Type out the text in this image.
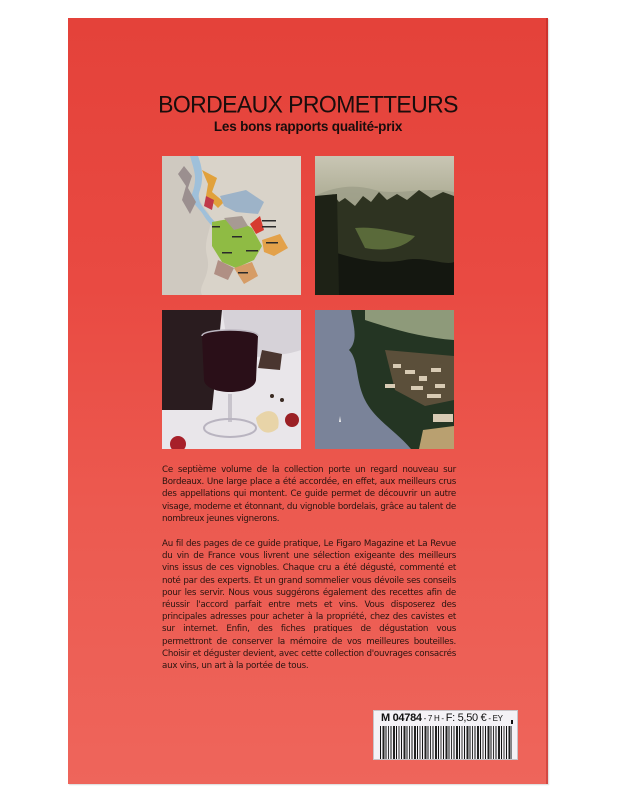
BORDEAUX PROMETTEURS
Les bons rapports qualité-prix

Ce septième volume de la collection porte un regard nouveau sur Bordeaux. Une large place a été accordée, en effet, aux meilleurs crus des appellations qui montent. Ce guide permet de découvrir un autre visage, moderne et étonnant, du vignoble bordelais, grâce au talent de nombreux jeunes vignerons.

Au fil des pages de ce guide pratique, Le Figaro Magazine et La Revue du vin de France vous livrent une sélection exigeante des meilleurs vins issus de ces vignobles. Chaque cru a été dégusté, commenté et noté par des experts. Et un grand sommelier vous dévoile ses conseils pour les servir. Nous vous suggérons également des recettes afin de réussir l'accord parfait entre mets et vins. Vous disposerez des principales adresses pour acheter à la propriété, chez des cavistes et sur internet. Enfin, des fiches pratiques de dégustation vous permettront de conserver la mémoire de vos meilleures bouteilles. Choisir et déguster devient, avec cette collection d'ouvrages consacrés aux vins, un art à la portée de tous.

M 04784 - 7 H - F: 5,50 € - EY
